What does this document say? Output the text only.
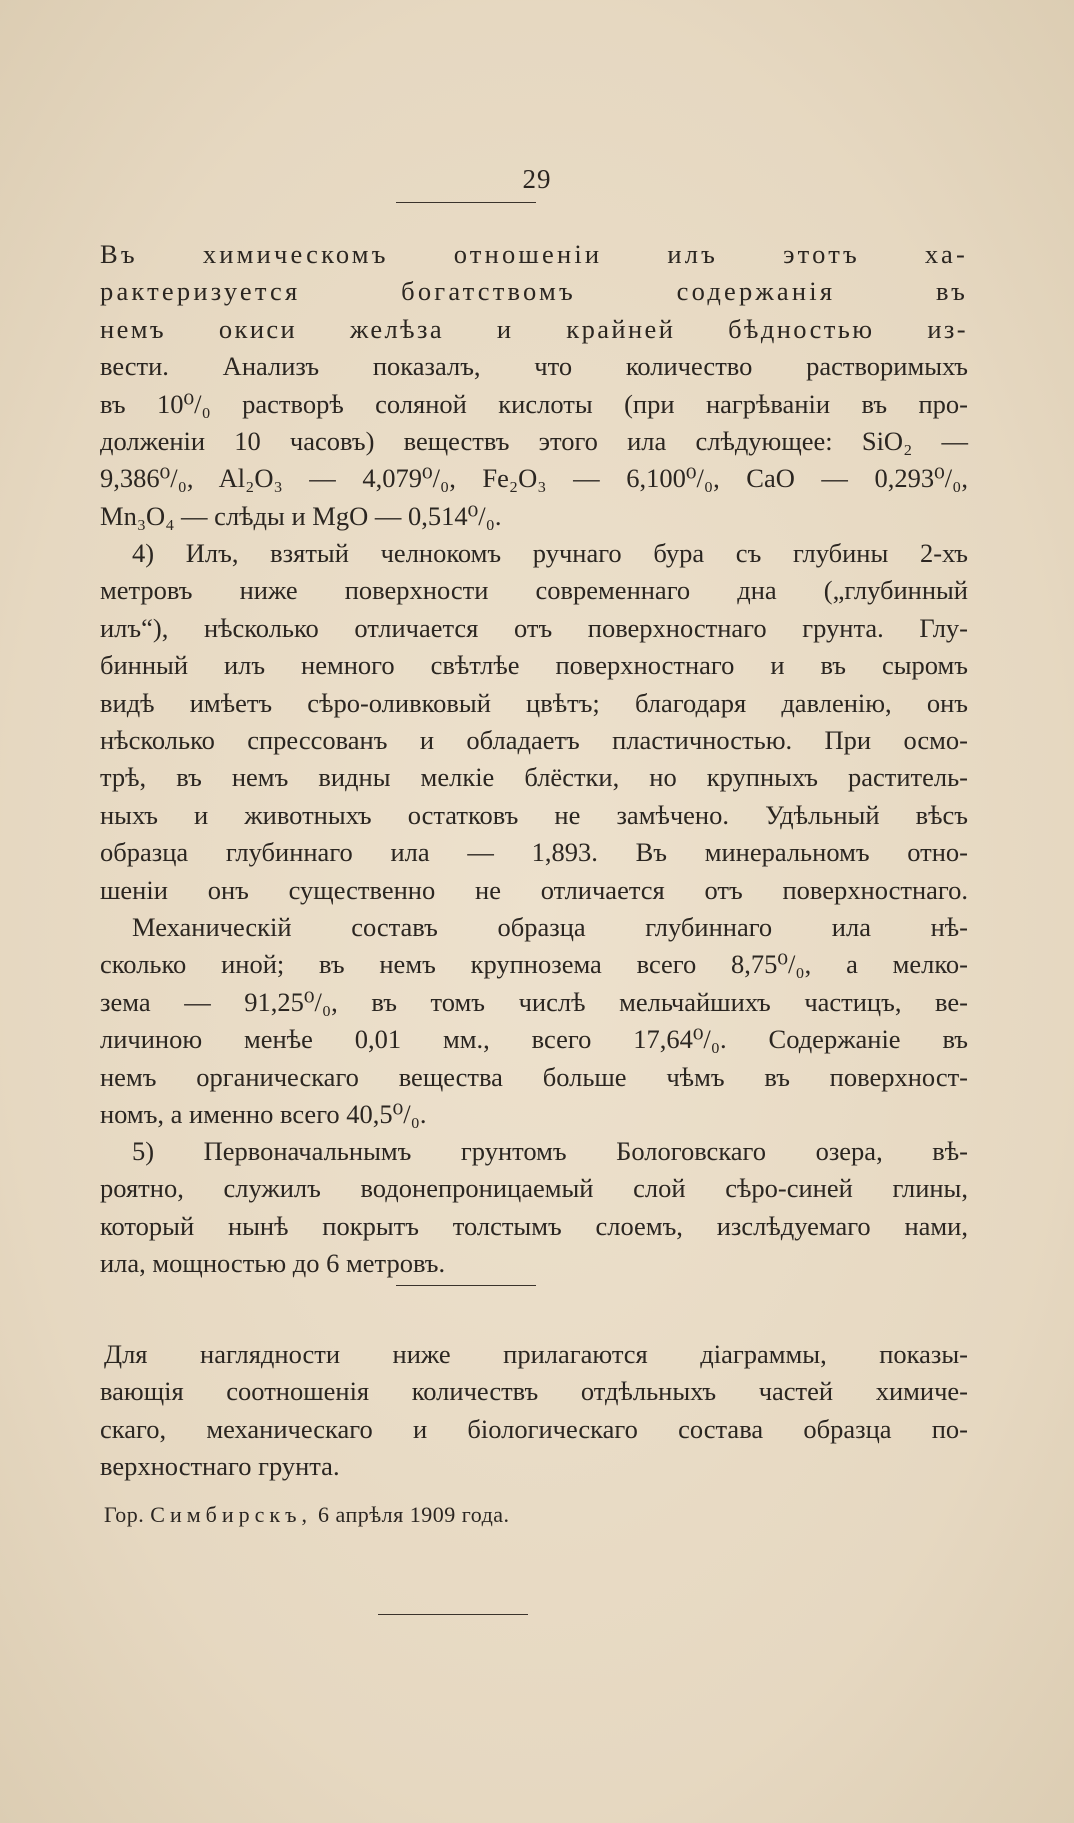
29
Въ химическомъ отношеніи илъ этотъ ха-
рактеризуется богатствомъ содержанія въ
немъ окиси желѣза и крайней бѣдностью из-
вести. Анализъ показалъ, что количество растворимыхъ
въ 10⁰/₀ растворѣ соляной кислоты (при нагрѣваніи въ про-
долженіи 10 часовъ) веществъ этого ила слѣдующее: SiO₂ —
9,386⁰/₀, Al₂O₃ — 4,079⁰/₀, Fe₂O₃ — 6,100⁰/₀, CaO — 0,293⁰/₀,
Mn₃O₄ — слѣды и MgO — 0,514⁰/₀.
4) Илъ, взятый челнокомъ ручнаго бура съ глубины 2-хъ
метровъ ниже поверхности современнаго дна („глубинный
илъ“), нѣсколько отличается отъ поверхностнаго грунта. Глу-
бинный илъ немного свѣтлѣе поверхностнаго и въ сыромъ
видѣ имѣетъ сѣро-оливковый цвѣтъ; благодаря давленію, онъ
нѣсколько спрессованъ и обладаетъ пластичностью. При осмо-
трѣ, въ немъ видны мелкіе блёстки, но крупныхъ раститель-
ныхъ и животныхъ остатковъ не замѣчено. Удѣльный вѣсъ
образца глубиннаго ила — 1,893. Въ минеральномъ отно-
шеніи онъ существенно не отличается отъ поверхностнаго.
Механическій составъ образца глубиннаго ила нѣ-
сколько иной; въ немъ крупнозема всего 8,75⁰/₀, а мелко-
зема — 91,25⁰/₀, въ томъ числѣ мельчайшихъ частицъ, ве-
личиною менѣе 0,01 мм., всего 17,64⁰/₀. Содержаніе въ
немъ органическаго вещества больше чѣмъ въ поверхност-
номъ, а именно всего 40,5⁰/₀.
5) Первоначальнымъ грунтомъ Бологовскаго озера, вѣ-
роятно, служилъ водонепроницаемый слой сѣро-синей глины,
который нынѣ покрытъ толстымъ слоемъ, изслѣдуемаго нами,
ила, мощностью до 6 метровъ.
Для наглядности ниже прилагаются діаграммы, показы-
вающія соотношенія количествъ отдѣльныхъ частей химиче-
скаго, механическаго и біологическаго состава образца по-
верхностнаго грунта.
Гор. Симбирскъ, 6 апрѣля 1909 года.
